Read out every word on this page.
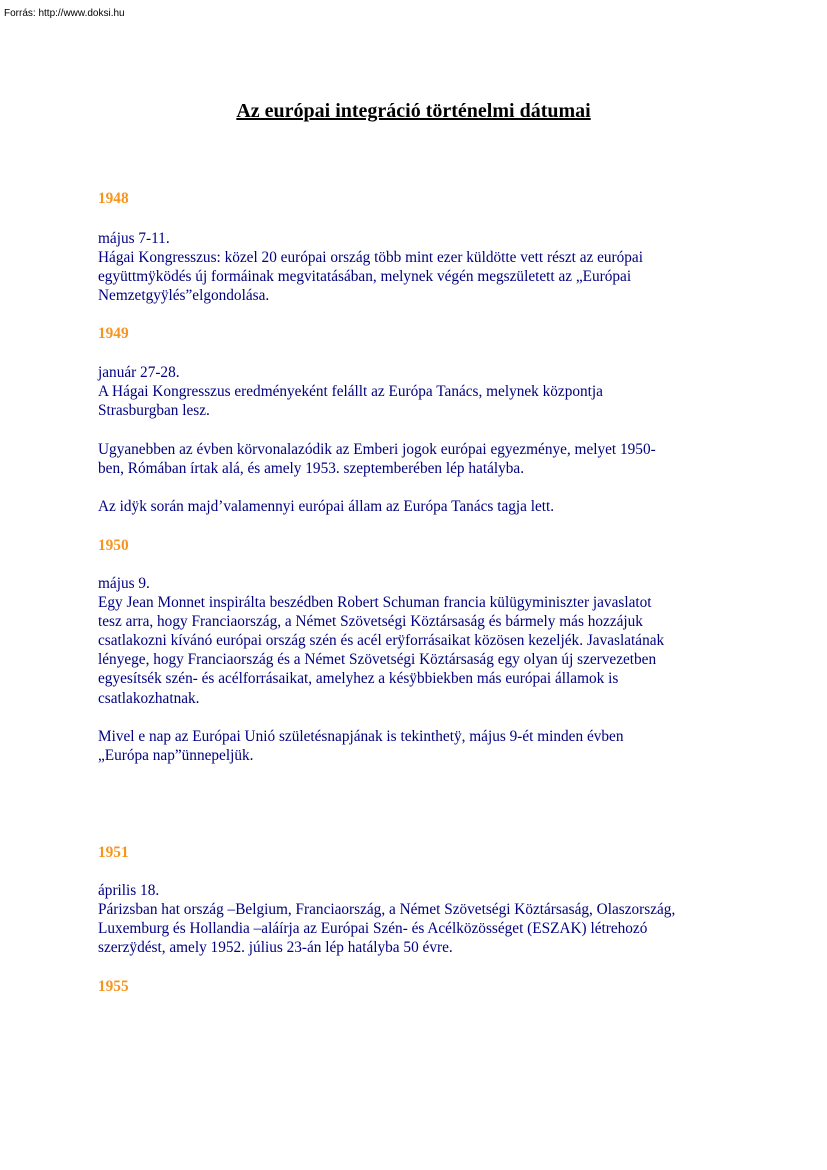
Forrás: http://www.doksi.hu
Az európai integráció történelmi dátumai
1948
május 7-11.
Hágai Kongresszus: közel 20 európai ország több mint ezer küldötte vett részt az európai
együttmÿködés új formáinak megvitatásában, melynek végén megszületett az „Európai
Nemzetgyÿlés”elgondolása.
1949
január 27-28.
A Hágai Kongresszus eredményeként felállt az Európa Tanács, melynek központja
Strasburgban lesz.
Ugyanebben az évben körvonalazódik az Emberi jogok európai egyezménye, melyet 1950-
ben, Rómában írtak alá, és amely 1953. szeptemberében lép hatályba.
Az idÿk során majd’valamennyi európai állam az Európa Tanács tagja lett.
1950
május 9.
Egy Jean Monnet inspirálta beszédben Robert Schuman francia külügyminiszter javaslatot
tesz arra, hogy Franciaország, a Német Szövetségi Köztársaság és bármely más hozzájuk
csatlakozni kívánó európai ország szén és acél erÿforrásaikat közösen kezeljék. Javaslatának
lényege, hogy Franciaország és a Német Szövetségi Köztársaság egy olyan új szervezetben
egyesítsék szén- és acélforrásaikat, amelyhez a késÿbbiekben más európai államok is
csatlakozhatnak.
Mivel e nap az Európai Unió születésnapjának is tekinthetÿ, május 9-ét minden évben
„Európa nap”ünnepeljük.
1951
április 18.
Párizsban hat ország –Belgium, Franciaország, a Német Szövetségi Köztársaság, Olaszország,
Luxemburg és Hollandia –aláírja az Európai Szén- és Acélközösséget (ESZAK) létrehozó
szerzÿdést, amely 1952. július 23-án lép hatályba 50 évre.
1955
